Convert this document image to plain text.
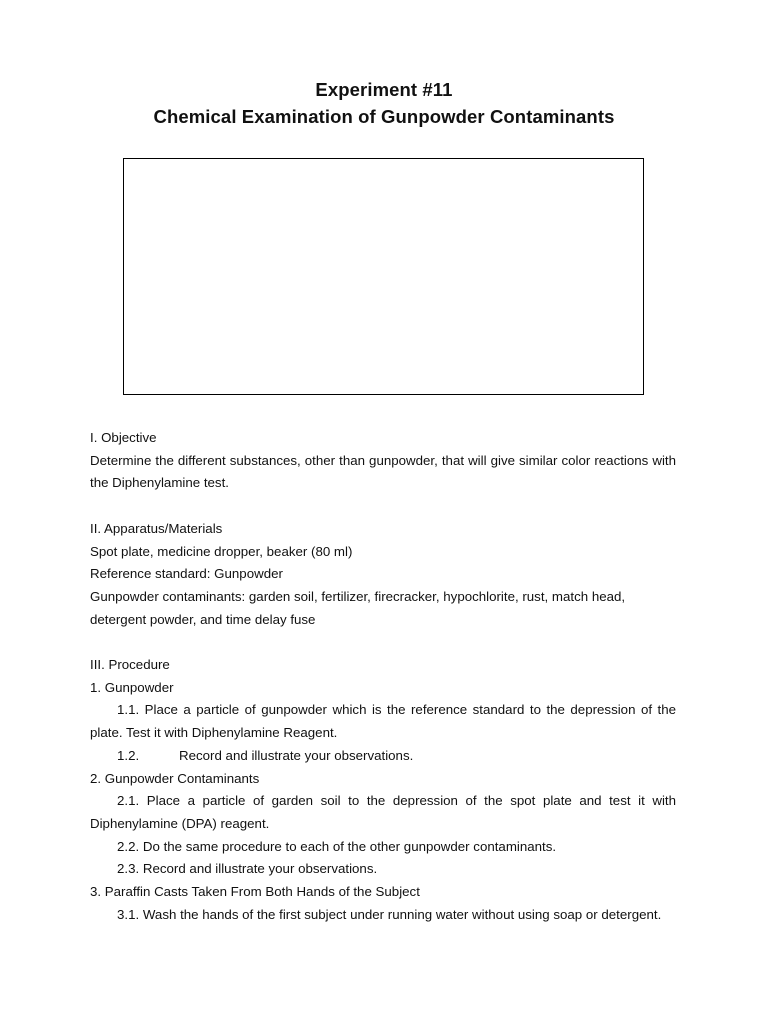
Experiment #11
Chemical Examination of Gunpowder Contaminants

I. Objective

Determine the different substances, other than gunpowder, that will give similar color reactions with the Diphenylamine test.

II. Apparatus/Materials

Spot plate, medicine dropper, beaker (80 ml)

Reference standard: Gunpowder

Gunpowder contaminants: garden soil, fertilizer, firecracker, hypochlorite, rust, match head, detergent powder, and time delay fuse

III. Procedure

1. Gunpowder

1.1. Place a particle of gunpowder which is the reference standard to the depression of the plate. Test it with Diphenylamine Reagent.

1.2.	Record and illustrate your observations.

2. Gunpowder Contaminants

2.1. Place a particle of garden soil to the depression of the spot plate and test it with Diphenylamine (DPA) reagent.

2.2. Do the same procedure to each of the other gunpowder contaminants.

2.3. Record and illustrate your observations.

3. Paraffin Casts Taken From Both Hands of the Subject

3.1. Wash the hands of the first subject under running water without using soap or detergent.
